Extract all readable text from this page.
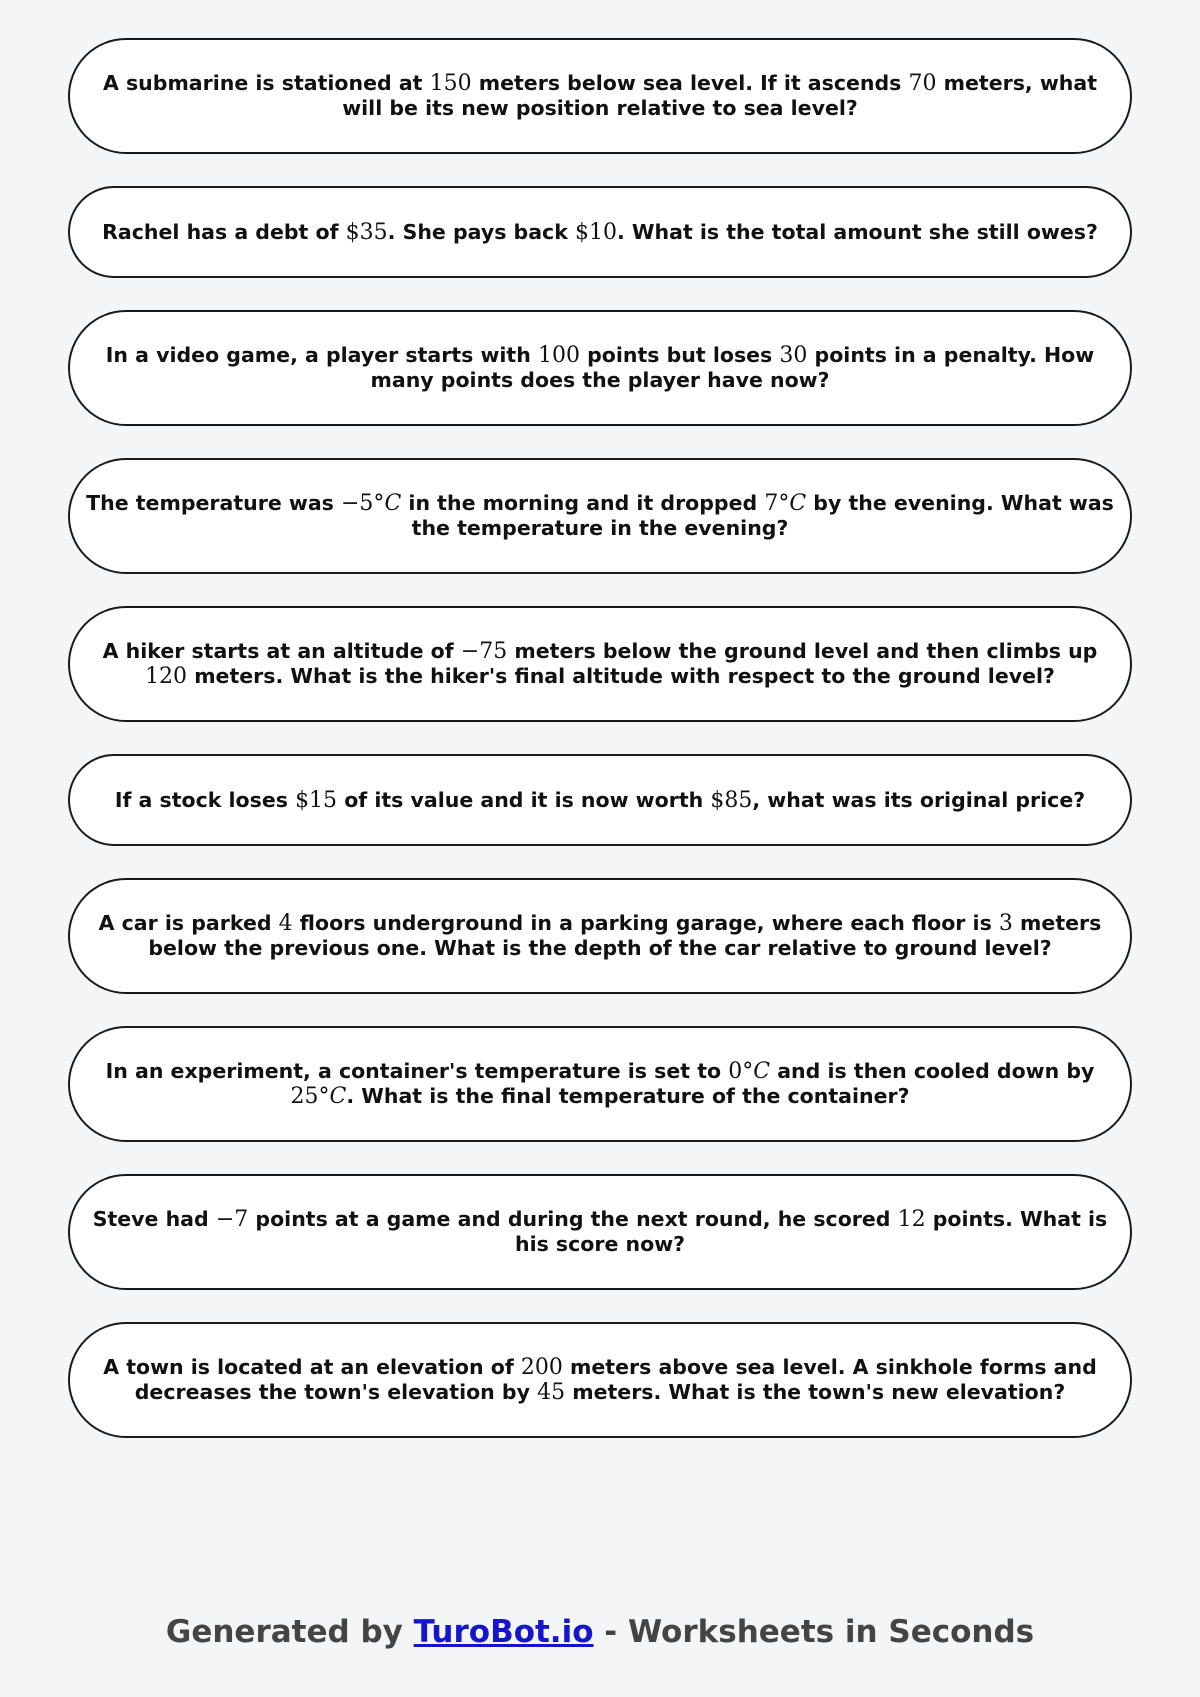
A submarine is stationed at 150 meters below sea level. If it ascends 70 meters, what will be its new position relative to sea level?
Rachel has a debt of $35. She pays back $10. What is the total amount she still owes?
In a video game, a player starts with 100 points but loses 30 points in a penalty. How many points does the player have now?
The temperature was −5°C in the morning and it dropped 7°C by the evening. What was the temperature in the evening?
A hiker starts at an altitude of −75 meters below the ground level and then climbs up 120 meters. What is the hiker's final altitude with respect to the ground level?
If a stock loses $15 of its value and it is now worth $85, what was its original price?
A car is parked 4 floors underground in a parking garage, where each floor is 3 meters below the previous one. What is the depth of the car relative to ground level?
In an experiment, a container's temperature is set to 0°C and is then cooled down by 25°C. What is the final temperature of the container?
Steve had −7 points at a game and during the next round, he scored 12 points. What is his score now?
A town is located at an elevation of 200 meters above sea level. A sinkhole forms and decreases the town's elevation by 45 meters. What is the town's new elevation?
Generated by TuroBot.io - Worksheets in Seconds
